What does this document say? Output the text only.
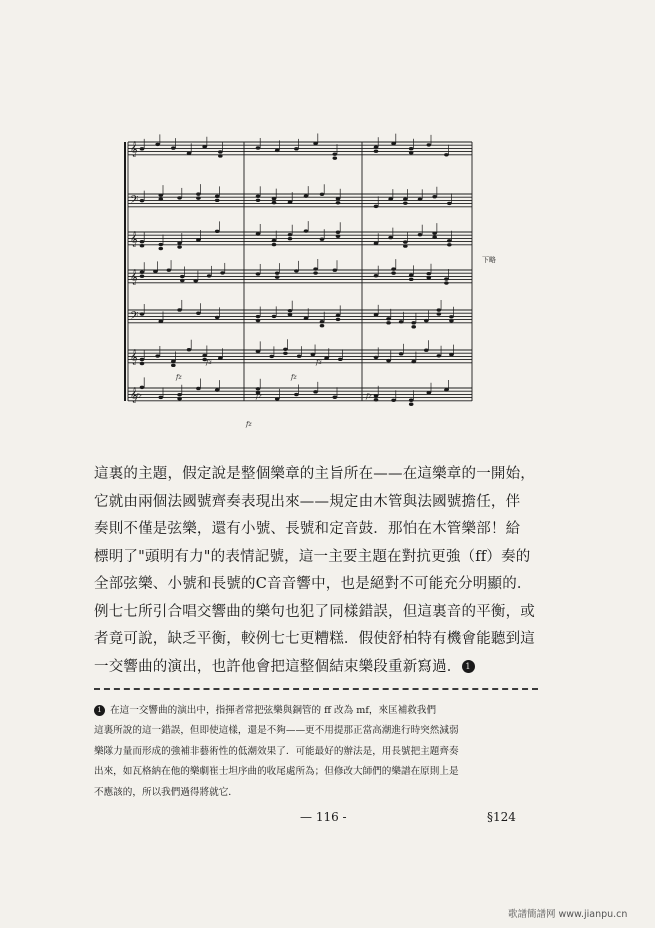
𝄞
𝄢
𝄞
𝄞
𝄢
𝄞
𝄞
下略
fz	fz	fz
fz	fz
fz	fz
fz

這裏的主題，假定說是整個樂章的主旨所在——在這樂章的一開始，

它就由兩個法國號齊奏表現出來——規定由木管與法國號擔任，伴

奏則不僅是弦樂，還有小號、長號和定音鼓．那怕在木管樂部！給

標明了"頭明有力"的表情記號，這一主要主題在對抗更強（ff）奏的

全部弦樂、小號和長號的C音音響中，也是絕對不可能充分明顯的．

例七七所引合唱交響曲的樂句也犯了同樣錯誤，但這裏音的平衡，或

者竟可說，缺乏平衡，較例七七更糟糕．假使舒柏特有機會能聽到這

一交響曲的演出，也許他會把這整個結束樂段重新寫過． 1

1 在這一交響曲的演出中，指揮者常把弦樂與銅管的 ff 改為 mf，來匡補救我們

這裏所說的這一錯誤，但即使這樣，還是不夠——更不用提那正當高潮進行時突然減弱

樂隊力量而形成的強補非藝術性的低潮效果了．可能最好的辦法是，用長號把主題齊奏

出來，如瓦格納在他的樂劇崔士坦序曲的收尾處所為；但修改大師們的樂譜在原則上是

不應該的，所以我們過得將就它．

— 116 -	§124
歌譜簡譜网 www.jianpu.cn
